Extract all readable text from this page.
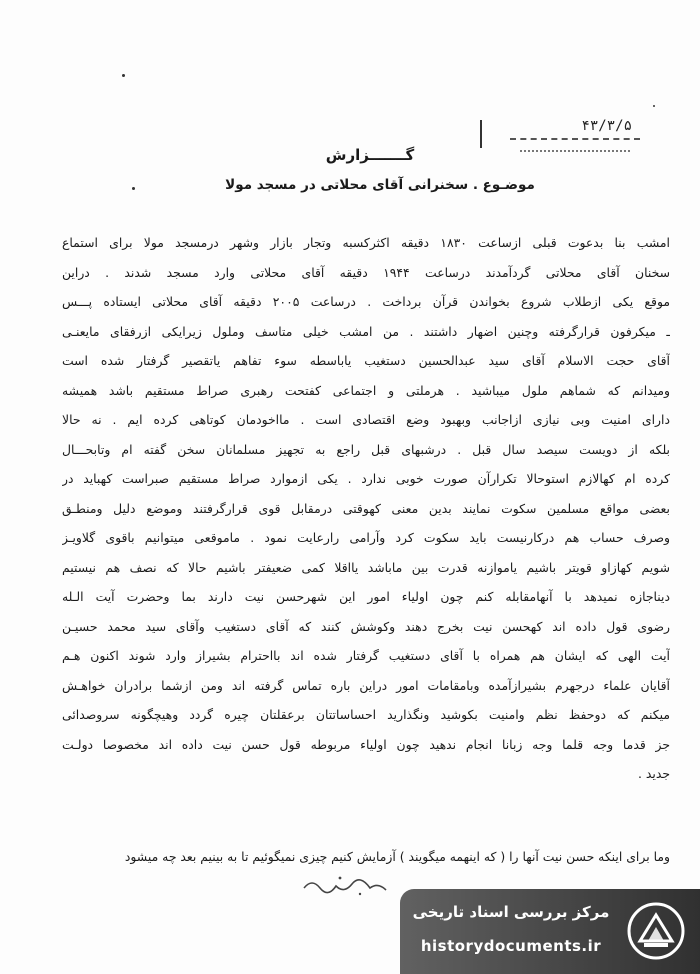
۴۳/۳/۵
گـــــــزارش
موضـوع . سخنرانی آقای محلاتی در مسجد مولا
امشب بنا بدعوت قبلی ازساعت ۱۸۳۰ دقیقه اکثرکسبه وتجار بازار وشهر درمسجد مولا برای استماع
سخنان آقای محلاتی گردآمدند درساعت ۱۹۴۴ دقیقه آقای محلاتی وارد مسجد شدند . دراین
موقع یکی ازطلاب شروع بخواندن قرآن برداخت . درساعت ۲۰۰۵ دقیقه آقای محلاتی ایستاده پـــس
ـ میکرفون قرارگرفته وچنین اضهار داشتند . من امشب خیلی متاسف وملول زیرایکی ازرفقای مایعنـی
آقای حجت الاسلام آقای سید عبدالحسین دستغیب یاباسطه سوء تفاهم یاتقصیر گرفتار شده است
ومیدانم که شماهم ملول میباشید . هرملتی و اجتماعی کفتحت رهبری صراط مستقیم باشد همیشه
دارای امنیت وبی نیازی ازاجانب وبهبود وضع اقتصادی است . مااخودمان کوتاهی کرده ایم . نه حالا
بلکه از دویست سیصد سال قبل . درشبهای قبل راجع به تجهیز مسلمانان سخن گفته ام وتابحـــال
کرده ام کهالازم استوحالا تکرارآن صورت خوبی ندارد . یکی ازموارد صراط مستقیم صبراست کهباید در
بعضی مواقع مسلمین سکوت نمایند بدین معنی کهوقتی درمقابل قوی قرارگرفتند وموضع دلیل ومنطـق
وصرف حساب هم درکارنیست باید سکوت کرد وآرامی رارعایت نمود . ماموقعی میتوانیم باقوی گلاویـز
شویم کهازاو قویتر باشیم یاموازنه قدرت بین ماباشد یااقلا کمی ضعیفتر باشیم حالا که نصف هم نیستیم
دیناجازه نمیدهد با آنهامقابله کنم چون اولیاء امور این شهرحسن نیت دارند بما وحضرت آیت الـله
رضوی قول داده اند کهحسن نیت بخرج دهند وکوشش کنند که آقای دستغیب وآقای سید محمد حسیـن
آیت الهی که ایشان هم همراه با آقای دستغیب گرفتار شده اند بااحترام بشیراز وارد شوند اکنون هـم
آقایان علماء درجهرم بشیرازآمده وبامقامات امور دراین باره تماس گرفته اند ومن ازشما برادران خواهـش
میکنم که دوحفظ نظم وامنیت بکوشید ونگذارید احساساتتان برعقلتان چیره گردد وهیچگونه سروصدائی
جز قدما وجه قلما وجه زبانا انجام ندهید چون اولیاء مربوطه قول حسن نیت داده اند مخصوصا دولـت
جدید .
وما برای اینکه حسن نیت آنها را ( که اینهمه میگویند ) آزمایش کنیم چیزی نمیگوئیم تا به بینیم بعد چه میشود
مرکز بررسی اسناد تاریخی
historydocuments.ir
